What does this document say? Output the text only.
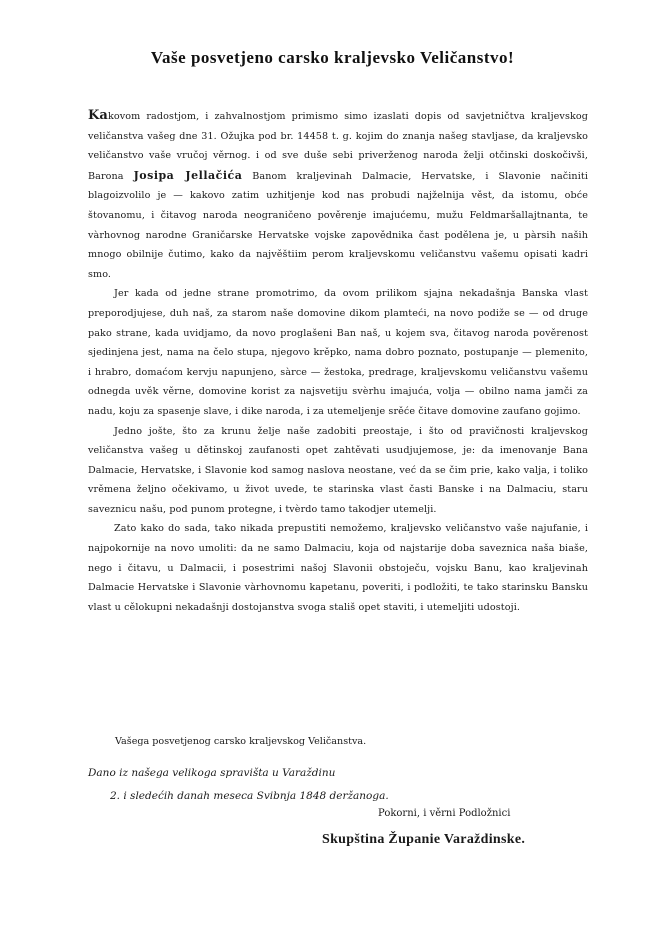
Vaše posvetjeno carsko kraljevsko Veličanstvo!

Kakovom radostjom, i zahvalnostjom primismo simo izaslati dopis od savjetničtva kraljevskog veličanstva vašeg dne 31. Ožujka pod br. 14458 t. g. kojim do znanja našeg stavljase, da kraljevsko veličanstvo vaše vručoj věrnog. i od sve duše sebi priverženog naroda želji otčinski doskočivši, Barona Josipa Jellačića Banom kraljevinah Dalmacie, Hervatske, i Slavonie načiniti blagoizvolilo je — kakovo zatim uzhitjenje kod nas probudi najželnija věst, da istomu, obće štovanomu, i čitavog naroda neograničeno pověrenje imajućemu, mužu Feldmaršallajtnanta, te vàrhovnog narodne Graničarske Hervatske vojske zapovědnika čast podělena je, u pàrsih naših mnogo obilnije čutimo, kako da najvěštiim perom kraljevskomu veličanstvu vašemu opisati kadri smo.

Jer kada od jedne strane promotrimo, da ovom prilikom sjajna nekadašnja Banska vlast preporodjujese, duh naš, za starom naše domovine dikom plamteći, na novo podiže se — od druge pako strane, kada uvidjamo, da novo proglašeni Ban naš, u kojem sva, čitavog naroda pověrenost sjedinjena jest, nama na čelo stupa, njegovo krěpko, nama dobro poznato, postupanje — plemenito, i hrabro, domaćom kervju napunjeno, sàrce — žestoka, predrage, kraljevskomu veličanstvu vašemu odnegda uvěk věrne, domovine korist za najsvetiju svèrhu imajuća, volja — obilno nama jamči za nadu, koju za spasenje slave, i dike naroda, i za utemeljenje srěće čitave domovine zaufano gojimo.

Jedno jošte, što za krunu želje naše zadobiti preostaje, i što od pravičnosti kraljevskog veličanstva vašeg u dětinskoj zaufanosti opet zahtěvati usudjujemose, je: da imenovanje Bana Dalmacie, Hervatske, i Slavonie kod samog naslova neostane, već da se čim prie, kako valja, i toliko vrěmena željno očekivamo, u život uvede, te starinska vlast časti Banske i na Dalmaciu, staru saveznicu našu, pod punom protegne, i tvèrdo tamo takodjer utemelji.

Zato kako do sada, tako nikada prepustiti nemožemo, kraljevsko veličanstvo vaše najufanie, i najpokornije na novo umoliti: da ne samo Dalmaciu, koja od najstarije doba saveznica naša biaše, nego i čitavu, u Dalmacii, i posestrimi našoj Slavonii obstoječu, vojsku Banu, kao kraljevinah Dalmacie Hervatske i Slavonie vàrhovnomu kapetanu, poveriti, i podložiti, te tako starinsku Bansku vlast u cělokupni nekadašnji dostojanstva svoga stališ opet staviti, i utemeljiti udostoji.

Vašega posvetjenog carsko kraljevskog Veličanstva.
Dano iz našega velikoga spravišta u Varaždinu
2. i sledećih danah meseca Svibnja 1848 deržanoga.
Pokorni, i věrni Podložnici
Skupština Županie Varaždinske.
